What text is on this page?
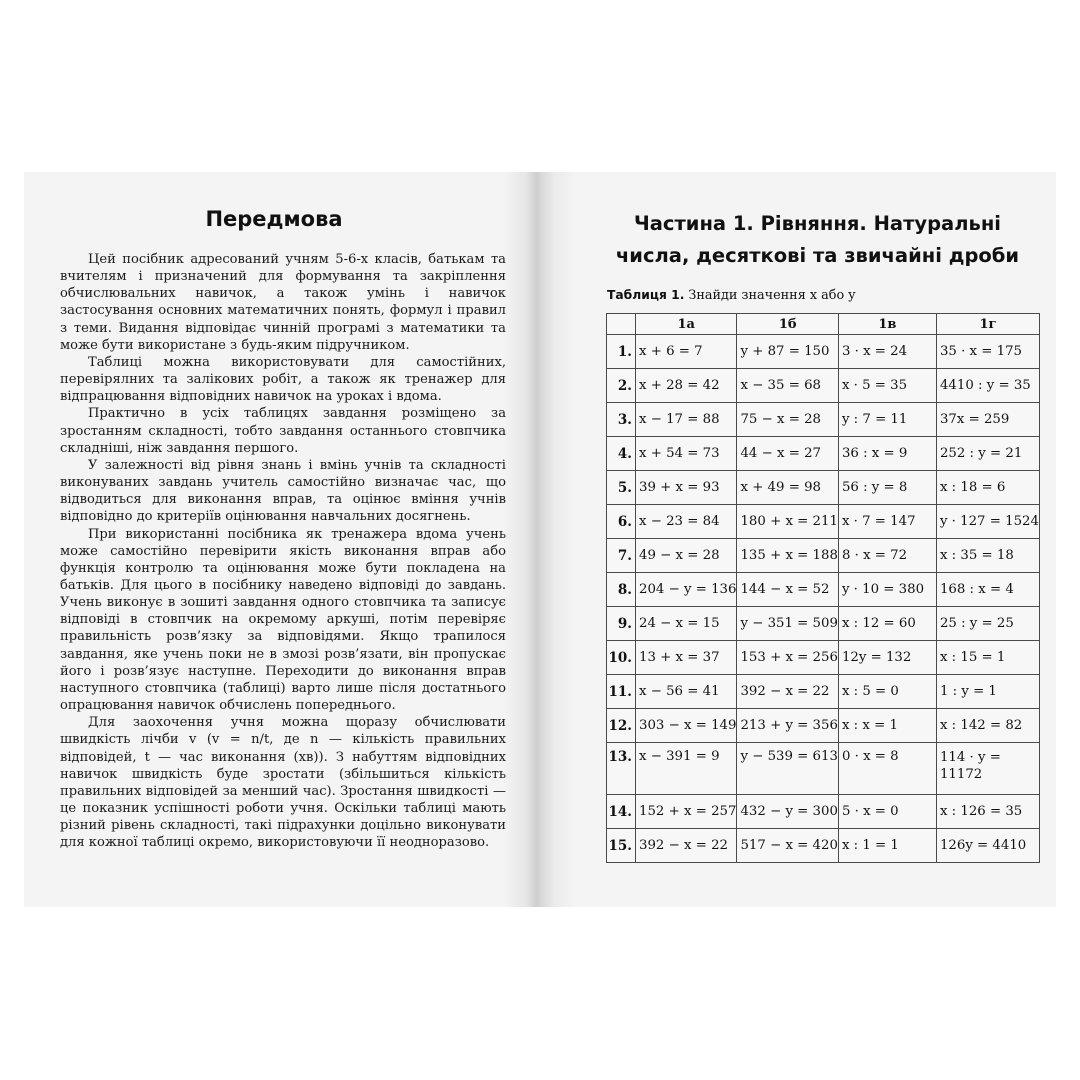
Передмова

Цей посібник адресований учням 5-6-х класів, батькам та вчителям і призначений для формування та закріплення обчислювальних навичок, а також умінь і навичок застосування основних математичних понять, формул і правил з теми. Видання відповідає чинній програмі з математики та може бути використане з будь-яким підручником.

Таблиці можна використовувати для самостійних, перевірялних та залікових робіт, а також як тренажер для відпрацювання відповідних навичок на уроках і вдома.

Практично в усіх таблицях завдання розміщено за зростанням складності, тобто завдання останнього стовпчика складніші, ніж завдання першого.

У залежності від рівня знань і вмінь учнів та складності виконуваних завдань учитель самостійно визначає час, що відводиться для виконання вправ, та оцінює вміння учнів відповідно до критеріїв оцінювання навчальних досягнень.

При використанні посібника як тренажера вдома учень може самостійно перевірити якість виконання вправ або функція контролю та оцінювання може бути покладена на батьків. Для цього в посібнику наведено відповіді до завдань. Учень виконує в зошиті завдання одного стовпчика та записує відповіді в стовпчик на окремому аркуші, потім перевіряє правильність розв’язку за відповідями. Якщо трапилося завдання, яке учень поки не в змозі розв’язати, він пропускає його і розв’язує наступне. Переходити до виконання вправ наступного стовпчика (таблиці) варто лише після достатнього опрацювання навичок обчислень попереднього.

Для заохочення учня можна щоразу обчислювати швидкість лічби v (v = n/t, де n — кількість правильних відповідей, t — час виконання (хв)). З набуттям відповідних навичок швидкість буде зростати (збільшиться кількість правильних відповідей за менший час). Зростання швидкості — це показник успішності роботи учня. Оскільки таблиці мають різний рівень складності, такі підрахунки доцільно виконувати для кожної таблиці окремо, використовуючи її неодноразово.

Частина 1. Рівняння. Натуральні
числа, десяткові та звичайні дроби
Таблиця 1. Знайди значення x або y
	1а	1б	1в	1г
1.	x + 6 = 7	y + 87 = 150	3 · x = 24	35 · x = 175
2.	x + 28 = 42	x − 35 = 68	x · 5 = 35	4410 : y = 35
3.	x − 17 = 88	75 − x = 28	y : 7 = 11	37x = 259
4.	x + 54 = 73	44 − x = 27	36 : x = 9	252 : y = 21
5.	39 + x = 93	x + 49 = 98	56 : y = 8	x : 18 = 6
6.	x − 23 = 84	180 + x = 211	x · 7 = 147	y · 127 = 1524
7.	49 − x = 28	135 + x = 188	8 · x = 72	x : 35 = 18
8.	204 − y = 136	144 − x = 52	y · 10 = 380	168 : x = 4
9.	24 − x = 15	y − 351 = 509	x : 12 = 60	25 : y = 25
10.	13 + x = 37	153 + x = 256	12y = 132	x : 15 = 1
11.	x − 56 = 41	392 − x = 22	x : 5 = 0	1 : y = 1
12.	303 − x = 149	213 + y = 356	x : x = 1	x : 142 = 82
13.	x − 391 = 9	y − 539 = 613	0 · x = 8	114 · y = 11172
14.	152 + x = 257	432 − y = 300	5 · x = 0	x : 126 = 35
15.	392 − x = 22	517 − x = 420	x : 1 = 1	126y = 4410
